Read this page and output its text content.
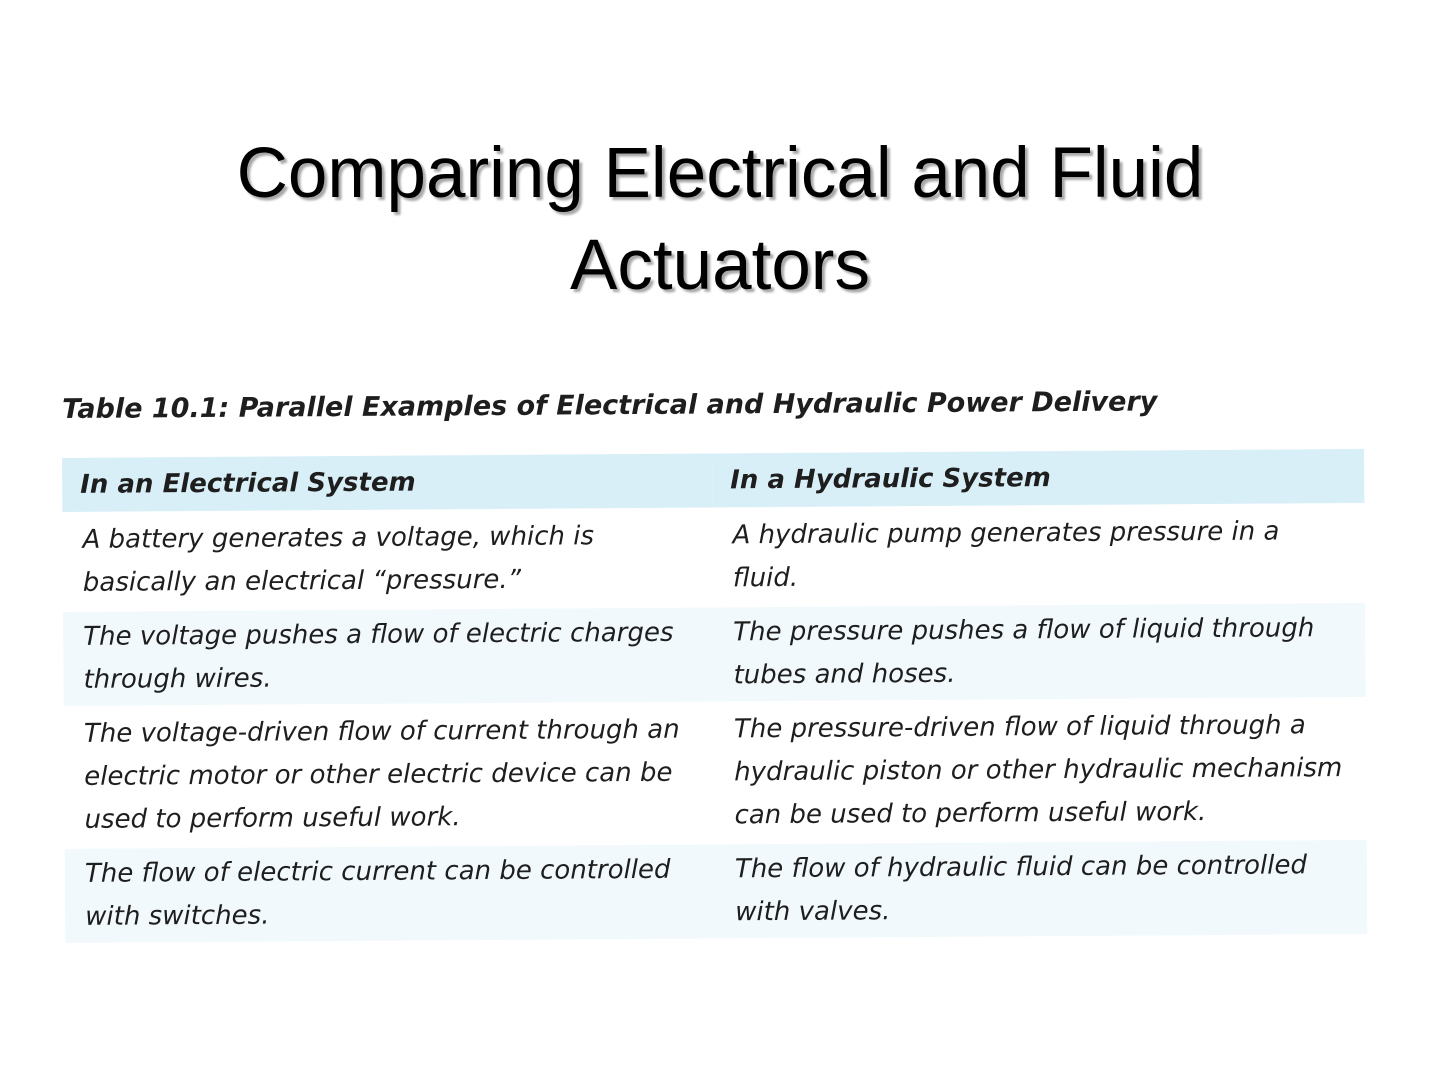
Comparing Electrical and Fluid
Actuators
Table 10.1: Parallel Examples of Electrical and Hydraulic Power Delivery
In an Electrical System	In a Hydraulic System
A battery generates a voltage, which is basically an electrical “pressure.”	A hydraulic pump generates pressure in a fluid.
The voltage pushes a flow of electric charges through wires.	The pressure pushes a flow of liquid through tubes and hoses.
The voltage-driven flow of current through an electric motor or other electric device can be used to perform useful work.	The pressure-driven flow of liquid through a hydraulic piston or other hydraulic mechanism can be used to perform useful work.
The flow of electric current can be controlled with switches.	The flow of hydraulic fluid can be controlled with valves.
